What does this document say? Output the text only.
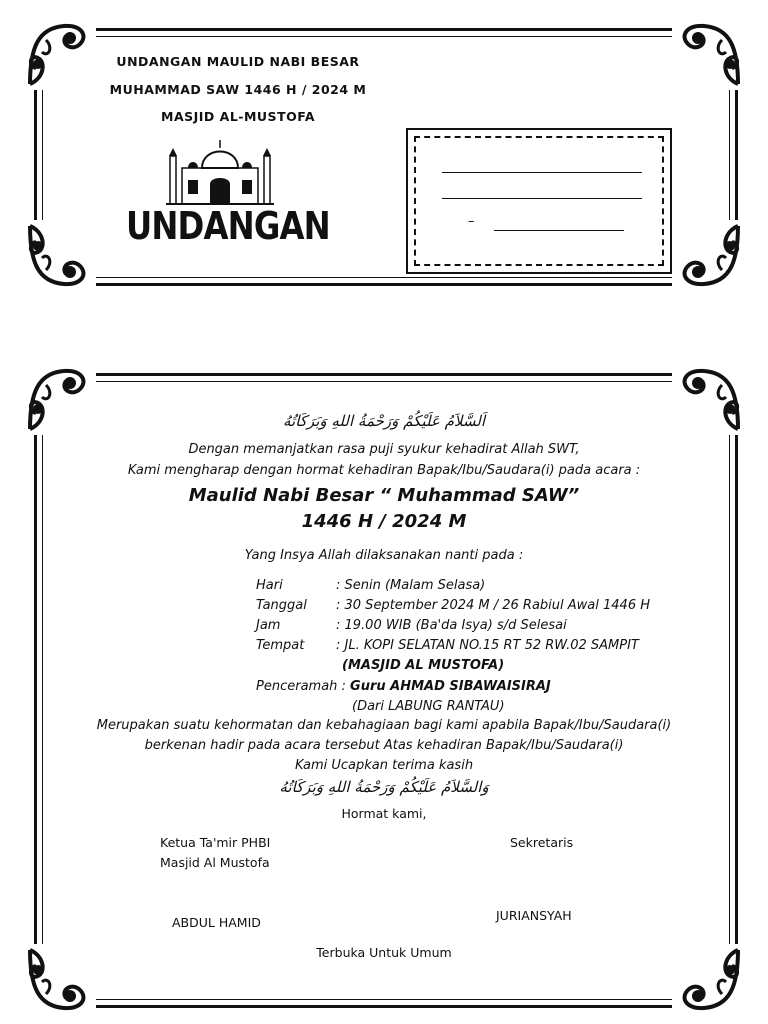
UNDANGAN MAULID NABI BESAR
MUHAMMAD SAW 1446 H / 2024 M
MASJID AL-MUSTOFA
UNDANGAN	–
اَلسَّلاَمُ عَلَيْكُمْ وَرَحْمَةُ اللهِ وَبَرَكَاتُهُ
Dengan memanjatkan rasa puji syukur kehadirat Allah SWT,
Kami mengharap dengan hormat kehadiran Bapak/Ibu/Saudara(i) pada acara :
Maulid Nabi Besar “ Muhammad SAW”
1446 H / 2024 M
Yang Insya Allah dilaksanakan nanti pada :
Hari	: Senin (Malam Selasa)
Tanggal : 30 September 2024 M / 26 Rabiul Awal 1446 H
Jam	: 19.00 WIB (Ba'da Isya) s/d Selesai
Tempat : JL. KOPI SELATAN NO.15 RT 52 RW.02 SAMPIT
(MASJID AL MUSTOFA)
Penceramah : Guru AHMAD SIBAWAISIRAJ
(Dari LABUNG RANTAU)
Merupakan suatu kehormatan dan kebahagiaan bagi kami apabila Bapak/Ibu/Saudara(i)
berkenan hadir pada acara tersebut Atas kehadiran Bapak/Ibu/Saudara(i)
Kami Ucapkan terima kasih
وَالسَّلاَمُ عَلَيْكُمْ وَرَحْمَةُ اللهِ وَبَرَكَاتُهُ
Hormat kami,
Ketua Ta'mir PHBI
Masjid Al Mustofa
Sekretaris
ABDUL HAMID	JURIANSYAH
Terbuka Untuk Umum
